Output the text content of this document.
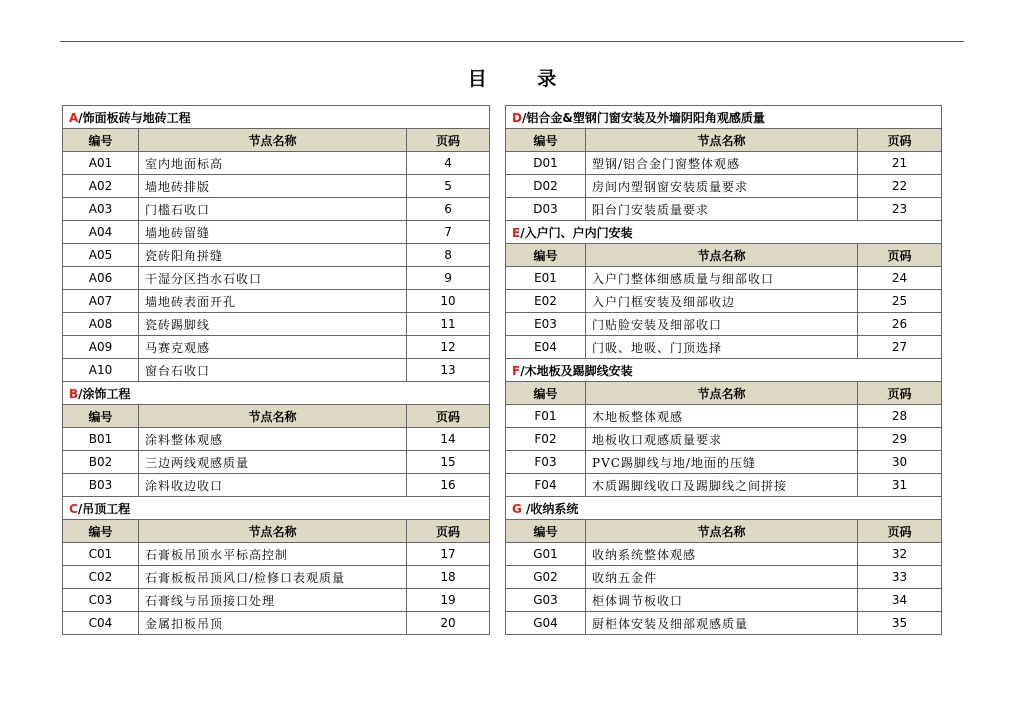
目 录
A/饰面板砖与地砖工程		
编号	节点名称	页码
A01	室内地面标高	4
A02	墙地砖排版	5
A03	门槛石收口	6
A04	墙地砖留缝	7
A05	瓷砖阳角拼缝	8
A06	干湿分区挡水石收口	9
A07	墙地砖表面开孔	10
A08	瓷砖踢脚线	11
A09	马赛克观感	12
A10	窗台石收口	13
B/涂饰工程		
编号	节点名称	页码
B01	涂料整体观感	14
B02	三边两线观感质量	15
B03	涂料收边收口	16
C/吊顶工程		
编号	节点名称	页码
C01	石膏板吊顶水平标高控制	17
C02	石膏板板吊顶风口/检修口表观质量	18
C03	石膏线与吊顶接口处理	19
C04	金属扣板吊顶	20
D/铝合金&塑钢门窗安装及外墙阴阳角观感质量		
编号	节点名称	页码
D01	塑钢/铝合金门窗整体观感	21
D02	房间内塑钢窗安装质量要求	22
D03	阳台门安装质量要求	23
E/入户门、户内门安装		
编号	节点名称	页码
E01	入户门整体细感质量与细部收口	24
E02	入户门框安装及细部收边	25
E03	门贴脸安装及细部收口	26
E04	门吸、地吸、门顶选择	27
F/木地板及踢脚线安装		
编号	节点名称	页码
F01	木地板整体观感	28
F02	地板收口观感质量要求	29
F03	PVC踢脚线与地/地面的压缝	30
F04	木质踢脚线收口及踢脚线之间拼接	31
G /收纳系统		
编号	节点名称	页码
G01	收纳系统整体观感	32
G02	收纳五金件	33
G03	柜体调节板收口	34
G04	厨柜体安装及细部观感质量	35
